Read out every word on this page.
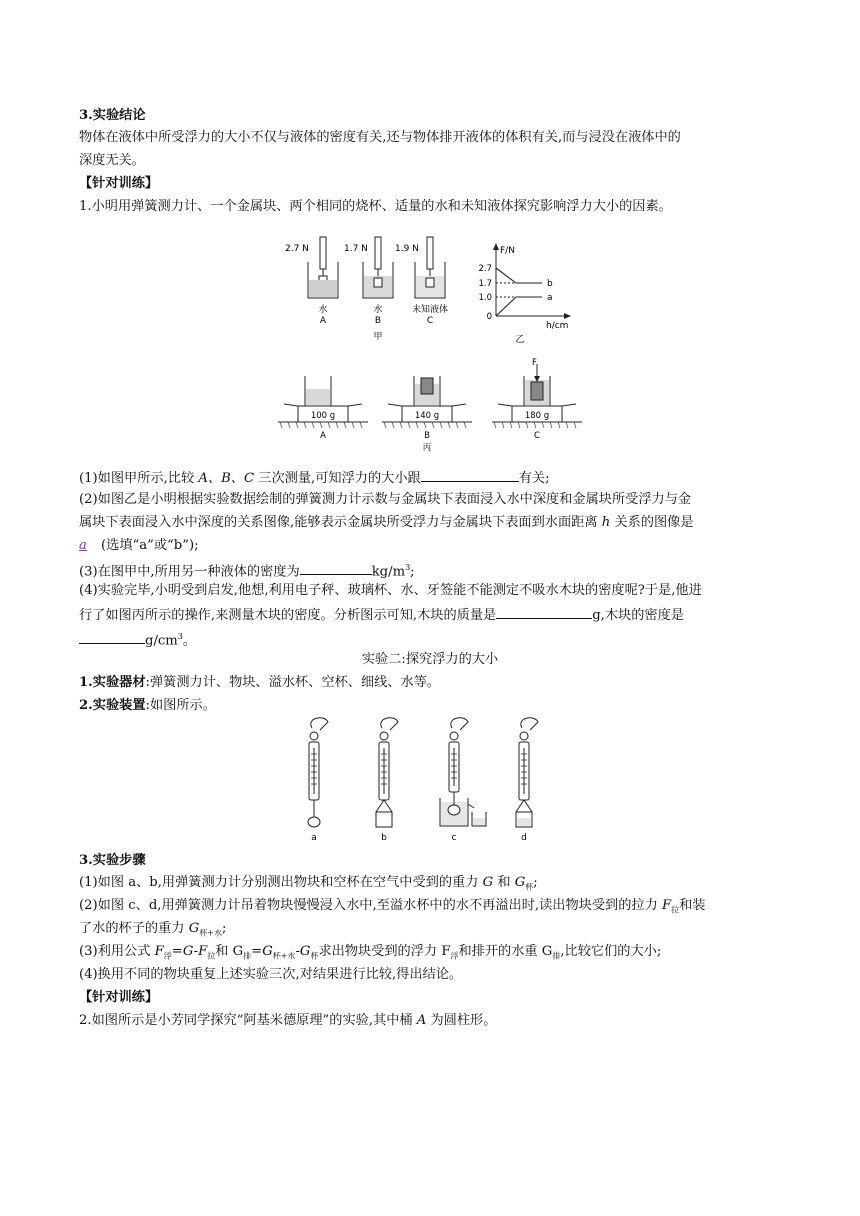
3.实验结论
物体在液体中所受浮力的大小不仅与液体的密度有关,还与物体排开液体的体积有关,而与浸没在液体中的
深度无关。
【针对训练】
1.小明用弹簧测力计、一个金属块、两个相同的烧杯、适量的水和未知液体探究影响浮力大小的因素。
2.7 N
水
A
1.7 N
水
B
1.9 N
未知液体
C
甲
F/N
h/cm
2.7
1.7
1.0
0
b
a
乙
100 g
A
140 g
B
丙
180 g
F
C
(1)如图甲所示,比较 A、B、C 三次测量,可知浮力的大小跟	有关;
(2)如图乙是小明根据实验数据绘制的弹簧测力计示数与金属块下表面浸入水中深度和金属块所受浮力与金
属块下表面浸入水中深度的关系图像,能够表示金属块所受浮力与金属块下表面到水面距离 h 关系的图像是
a (选填“a”或“b”);
(3)在图甲中,所用另一种液体的密度为	$kg/m^3$;
(4)实验完毕,小明受到启发,他想,利用电子秤、玻璃杯、水、牙签能不能测定不吸水木块的密度呢?于是,他进
行了如图丙所示的操作,来测量木块的密度。分析图示可知,木块的质量是	g,木块的密度是
$g/cm^3$。
实验二:探究浮力的大小
1.实验器材:弹簧测力计、物块、溢水杯、空杯、细线、水等。
2.实验装置:如图所示。
a	b	c	d
3.实验步骤
(1)如图 a、b,用弹簧测力计分别测出物块和空杯在空气中受到的重力 G 和 $G_杯$;
(2)如图 c、d,用弹簧测力计吊着物块慢慢浸入水中,至溢水杯中的水不再溢出时,读出物块受到的拉力 $F_拉$和装
了水的杯子的重力 $G_{杯+水}$;
(3)利用公式 $F_浮=G-F_拉$和 $G_排=G_{杯+水}-G_杯$求出物块受到的浮力 $F_浮$和排开的水重 $G_排$,比较它们的大小;
(4)换用不同的物块重复上述实验三次,对结果进行比较,得出结论。
【针对训练】
2.如图所示是小芳同学探究“阿基米德原理”的实验,其中桶 A 为圆柱形。
